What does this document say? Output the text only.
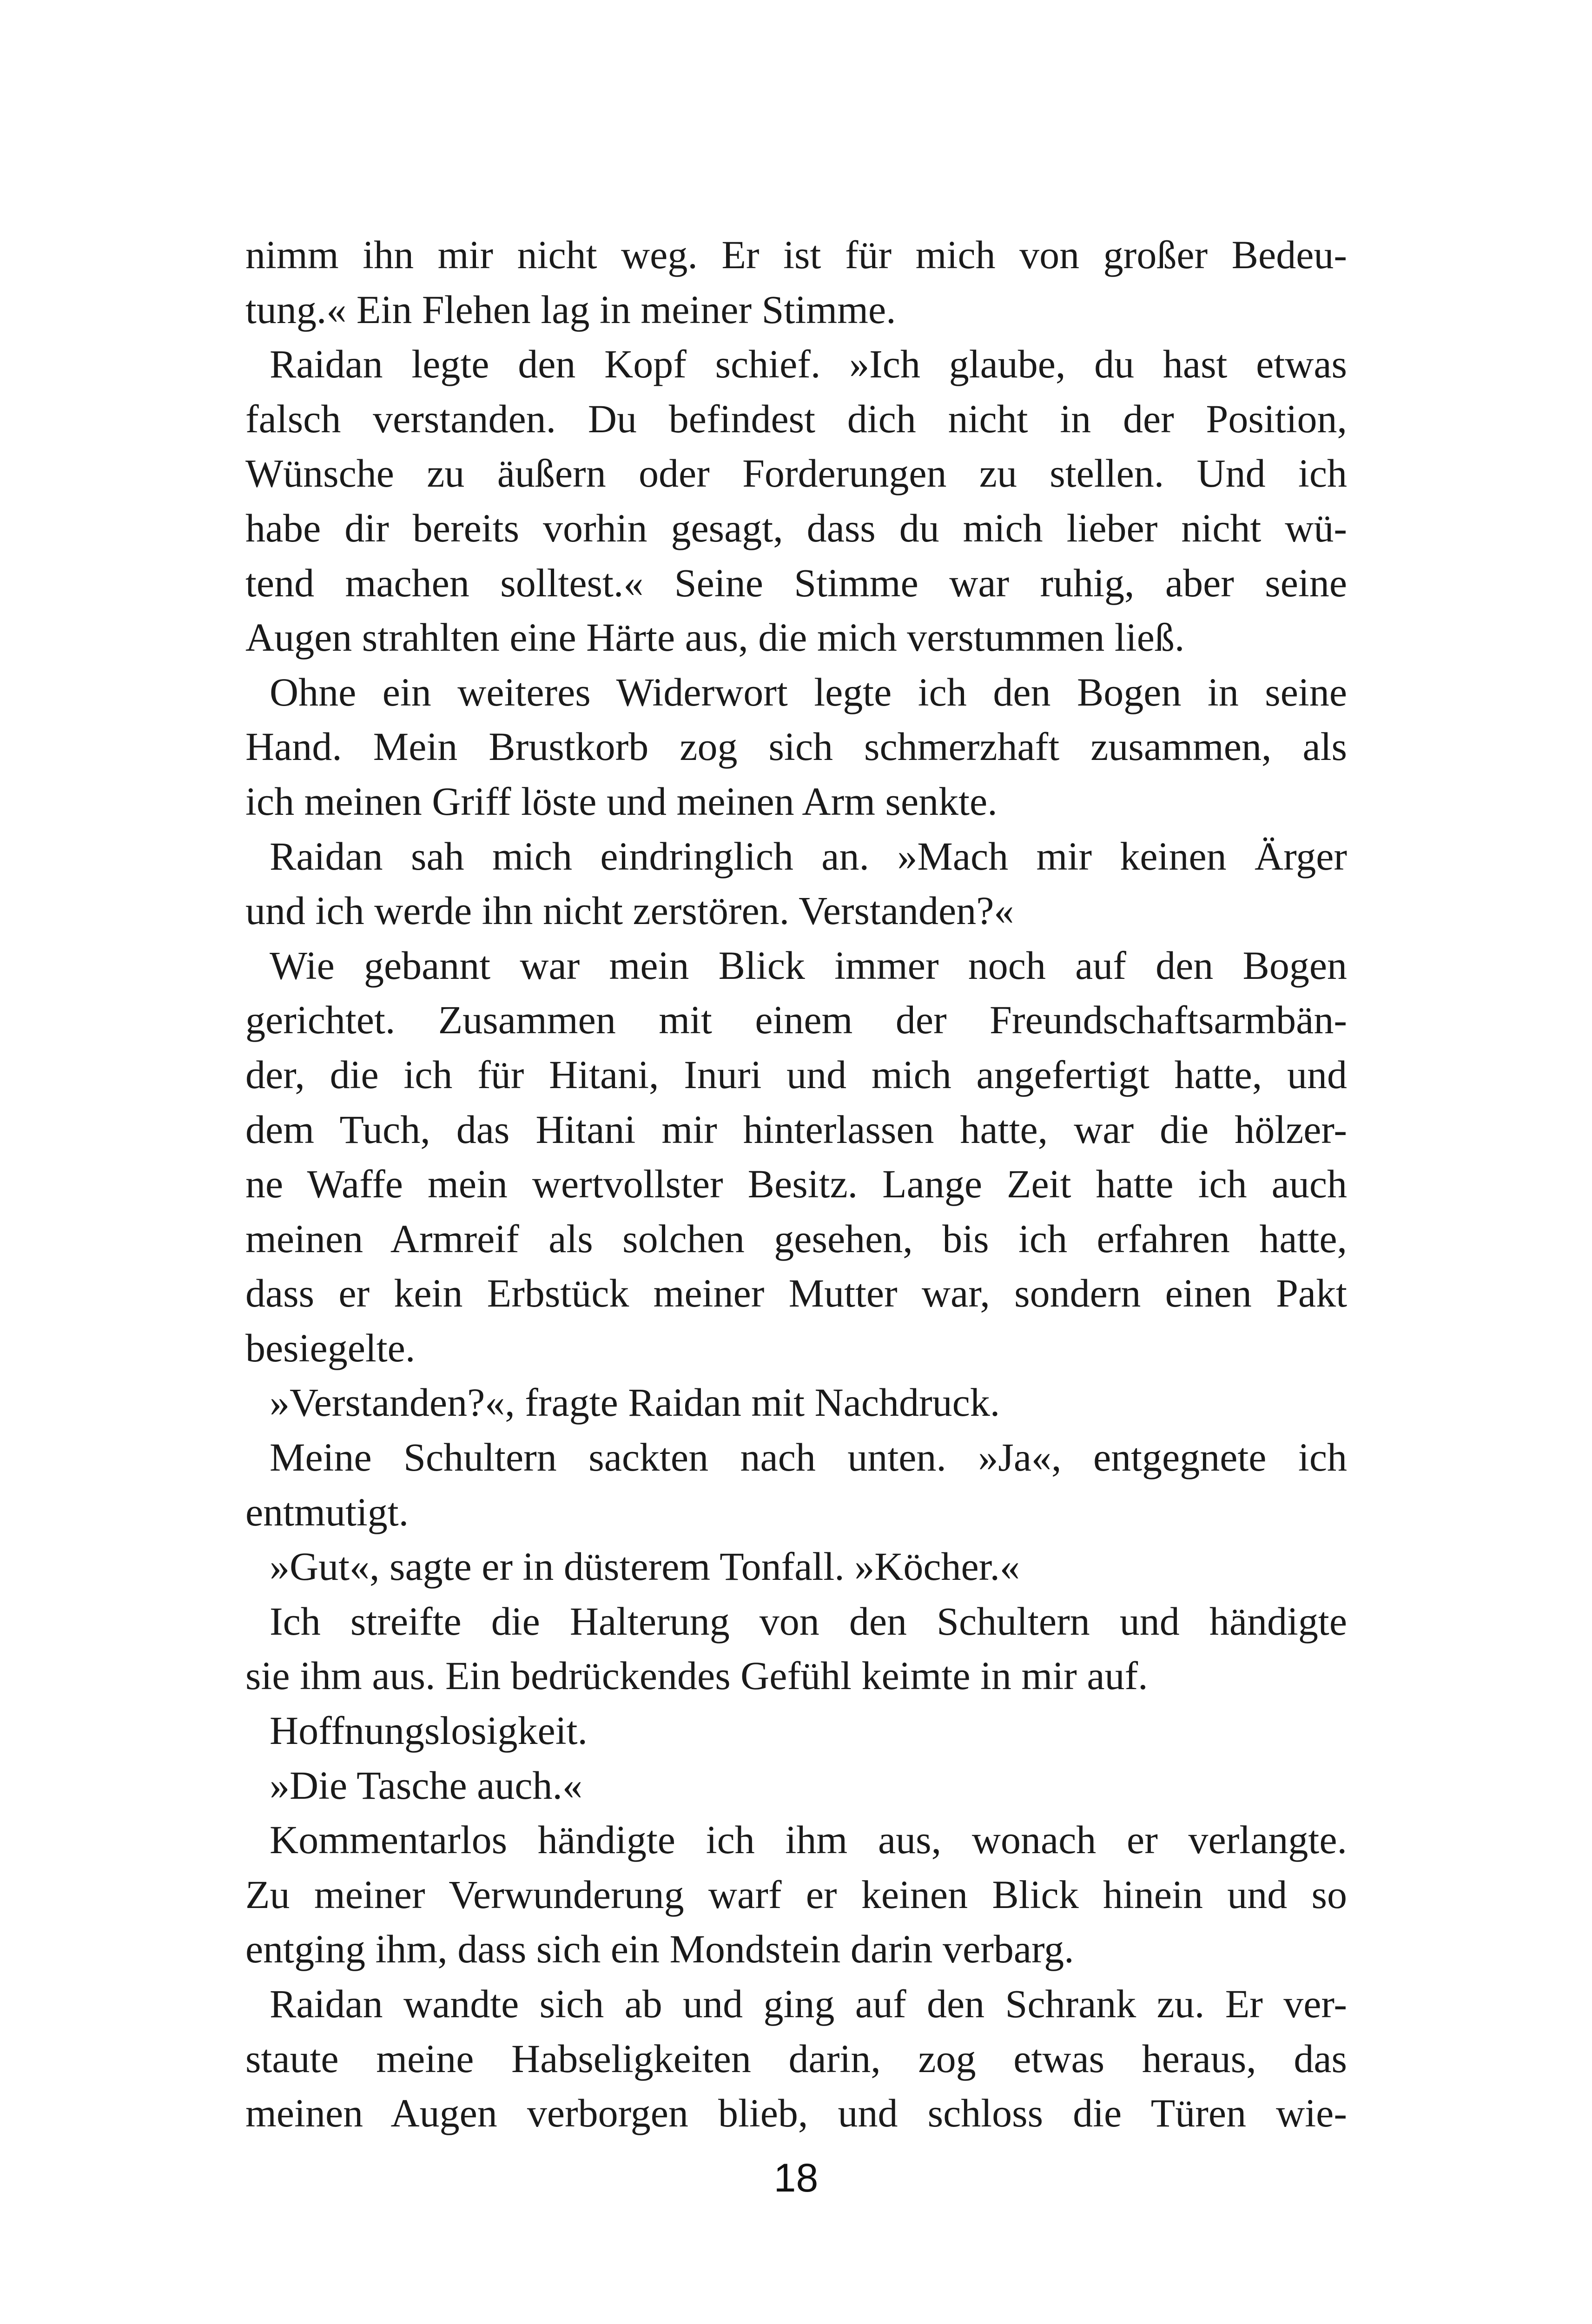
nimm ihn mir nicht weg. Er ist für mich von großer Bedeu-
tung.« Ein Flehen lag in meiner Stimme.
Raidan legte den Kopf schief. »Ich glaube, du hast etwas
falsch verstanden. Du befindest dich nicht in der Position,
Wünsche zu äußern oder Forderungen zu stellen. Und ich
habe dir bereits vorhin gesagt, dass du mich lieber nicht wü-
tend machen solltest.« Seine Stimme war ruhig, aber seine
Augen strahlten eine Härte aus, die mich verstummen ließ.
Ohne ein weiteres Widerwort legte ich den Bogen in seine
Hand. Mein Brustkorb zog sich schmerzhaft zusammen, als
ich meinen Griff löste und meinen Arm senkte.
Raidan sah mich eindringlich an. »Mach mir keinen Ärger
und ich werde ihn nicht zerstören. Verstanden?«
Wie gebannt war mein Blick immer noch auf den Bogen
gerichtet. Zusammen mit einem der Freundschaftsarmbän-
der, die ich für Hitani, Inuri und mich angefertigt hatte, und
dem Tuch, das Hitani mir hinterlassen hatte, war die hölzer-
ne Waffe mein wertvollster Besitz. Lange Zeit hatte ich auch
meinen Armreif als solchen gesehen, bis ich erfahren hatte,
dass er kein Erbstück meiner Mutter war, sondern einen Pakt
besiegelte.
»Verstanden?«, fragte Raidan mit Nachdruck.
Meine Schultern sackten nach unten. »Ja«, entgegnete ich
entmutigt.
»Gut«, sagte er in düsterem Tonfall. »Köcher.«
Ich streifte die Halterung von den Schultern und händigte
sie ihm aus. Ein bedrückendes Gefühl keimte in mir auf.
Hoffnungslosigkeit.
»Die Tasche auch.«
Kommentarlos händigte ich ihm aus, wonach er verlangte.
Zu meiner Verwunderung warf er keinen Blick hinein und so
entging ihm, dass sich ein Mondstein darin verbarg.
Raidan wandte sich ab und ging auf den Schrank zu. Er ver-
staute meine Habseligkeiten darin, zog etwas heraus, das
meinen Augen verborgen blieb, und schloss die Türen wie-
18
